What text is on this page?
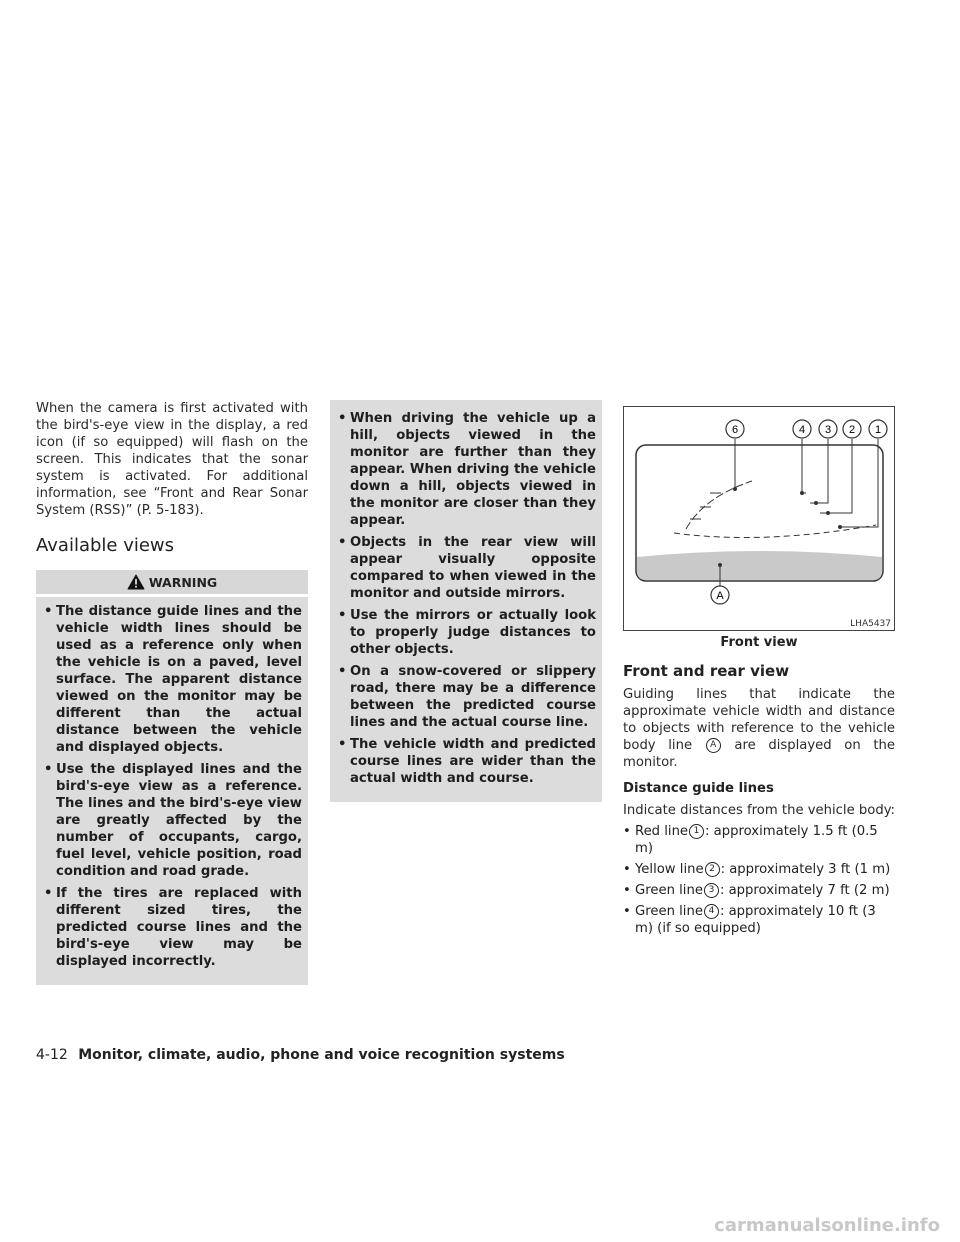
When the camera is first activated with the bird's-eye view in the display, a red icon (if so equipped) will flash on the screen. This indicates that the sonar system is activated. For additional information, see “Front and Rear Sonar System (RSS)” (P. 5-183).

Available views
WARNING
• The distance guide lines and the vehicle width lines should be used as a reference only when the vehicle is on a paved, level surface. The apparent distance viewed on the monitor may be different than the actual distance between the vehicle and displayed objects.
• Use the displayed lines and the bird's-eye view as a reference. The lines and the bird's-eye view are greatly affected by the number of occupants, cargo, fuel level, vehicle position, road condition and road grade.
• If the tires are replaced with different sized tires, the predicted course lines and the bird's-eye view may be displayed incorrectly.
• When driving the vehicle up a hill, objects viewed in the monitor are further than they appear. When driving the vehicle down a hill, objects viewed in the monitor are closer than they appear.
• Objects in the rear view will appear visually opposite compared to when viewed in the monitor and outside mirrors.
• Use the mirrors or actually look to properly judge distances to other objects.
• On a snow-covered or slippery road, there may be a difference between the predicted course lines and the actual course line.
• The vehicle width and predicted course lines are wider than the actual width and course.
6	4 3 2 1
A
LHA5437

Front view

Front and rear view

Guiding lines that indicate the approximate vehicle width and distance to objects with reference to the vehicle body line A are displayed on the monitor.

Distance guide lines

Indicate distances from the vehicle body:

• Red line 1 : approximately 1.5 ft (0.5 m)
• Yellow line 2 : approximately 3 ft (1 m)
• Green line 3 : approximately 7 ft (2 m)
• Green line 4 : approximately 10 ft (3 m) (if so equipped)
4-12 Monitor, climate, audio, phone and voice recognition systems
carmanualsonline.info
